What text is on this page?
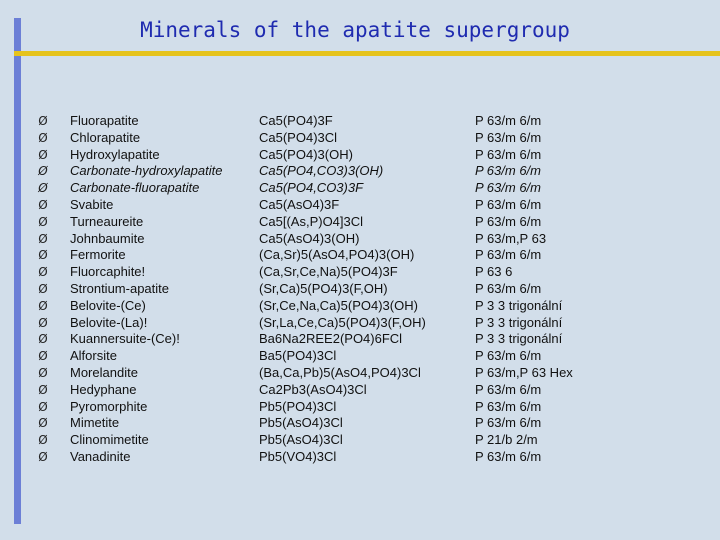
Minerals of the apatite supergroup
Ø Fluorapatite	Ca5(PO4)3F	P 63/m 6/m
Ø Chlorapatite	Ca5(PO4)3Cl	P 63/m 6/m
Ø Hydroxylapatite	Ca5(PO4)3(OH)	P 63/m 6/m
Ø Carbonate-hydroxylapatite	Ca5(PO4,CO3)3(OH)	P 63/m 6/m
Ø Carbonate-fluorapatite	Ca5(PO4,CO3)3F	P 63/m 6/m
Ø Svabite	Ca5(AsO4)3F	P 63/m 6/m
Ø Turneaureite	Ca5[(As,P)O4]3Cl	P 63/m 6/m
Ø Johnbaumite	Ca5(AsO4)3(OH)	P 63/m,P 63
Ø Fermorite	(Ca,Sr)5(AsO4,PO4)3(OH)	P 63/m 6/m
Ø Fluorcaphite!	(Ca,Sr,Ce,Na)5(PO4)3F	P 63 6
Ø Strontium-apatite	(Sr,Ca)5(PO4)3(F,OH)	P 63/m 6/m
Ø Belovite-(Ce)	(Sr,Ce,Na,Ca)5(PO4)3(OH)	P 3 3 trigonální
Ø Belovite-(La)!	(Sr,La,Ce,Ca)5(PO4)3(F,OH)	P 3 3 trigonální
Ø Kuannersuite-(Ce)!	Ba6Na2REE2(PO4)6FCl	P 3 3 trigonální
Ø Alforsite	Ba5(PO4)3Cl	P 63/m 6/m
Ø Morelandite	(Ba,Ca,Pb)5(AsO4,PO4)3Cl	P 63/m,P 63 Hex
Ø Hedyphane	Ca2Pb3(AsO4)3Cl	P 63/m 6/m
Ø Pyromorphite	Pb5(PO4)3Cl	P 63/m 6/m
Ø Mimetite	Pb5(AsO4)3Cl	P 63/m 6/m
Ø Clinomimetite	Pb5(AsO4)3Cl	P 21/b 2/m
Ø Vanadinite	Pb5(VO4)3Cl	P 63/m 6/m
